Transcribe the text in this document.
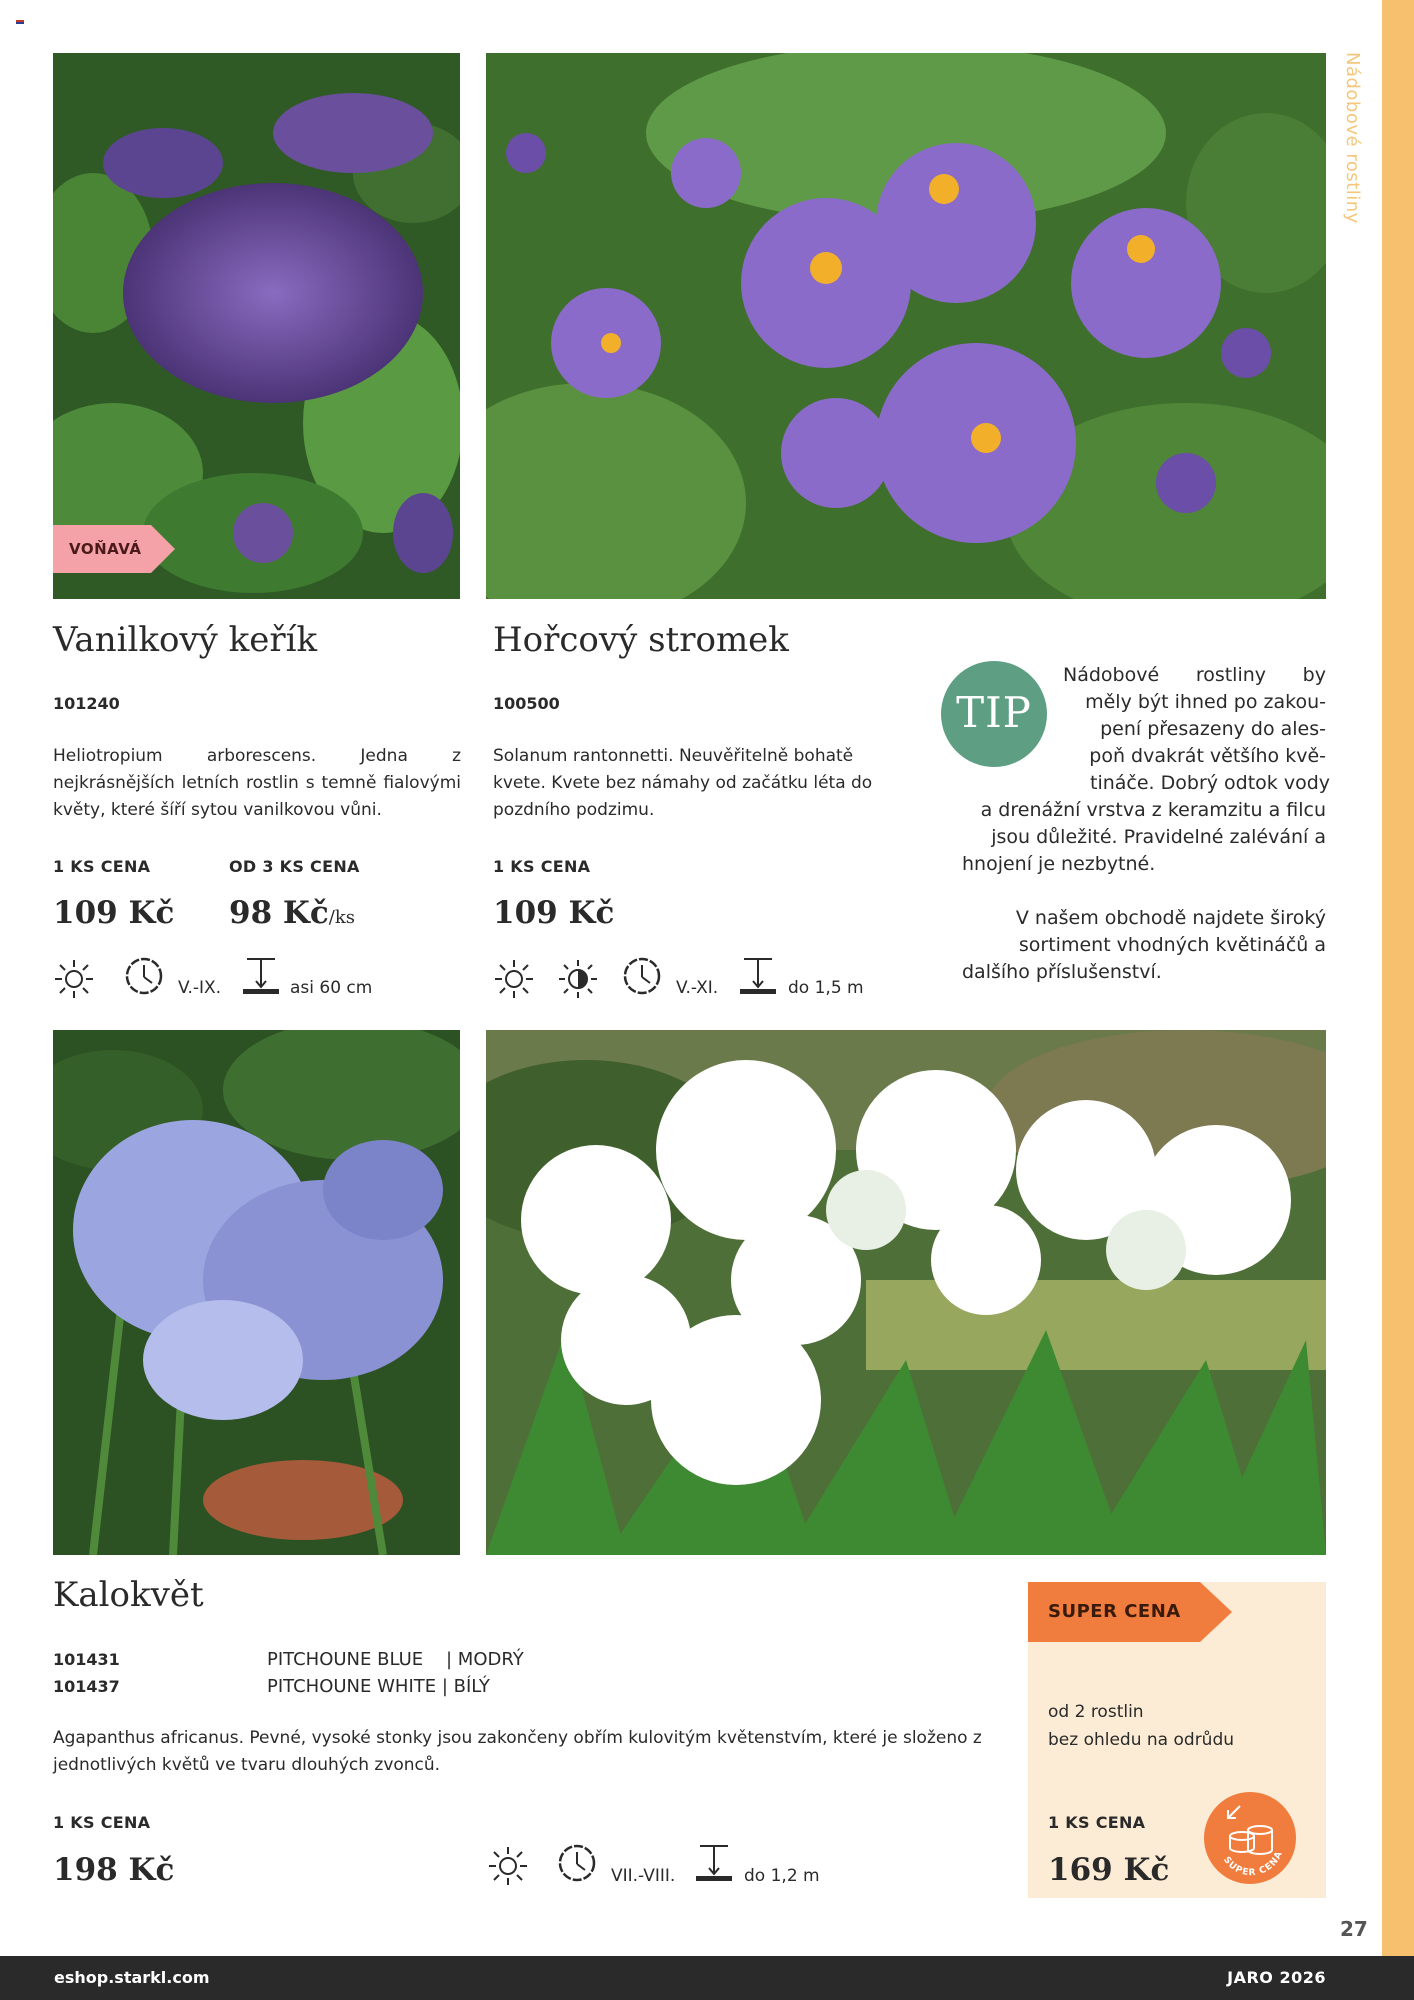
Nádobové rostliny
VOŇAVÁ
Vanilkový keřík
101240
Heliotropium arborescens. Jedna z nejkrásnějších letních rostlin s temně fialovými květy, které šíří sytou vanilkovou vůni.
1 KS CENA
109 Kč
OD 3 KS CENA
98 Kč/ks
V.-IX.	asi 60 cm
Hořcový stromek
100500
Solanum rantonnetti. Neuvěřitelně bohatě kvete. Kvete bez námahy od začátku léta do pozdního podzimu.
1 KS CENA
109 Kč
V.-XI.	do 1,5 m
TIP
Nádobové rostliny by
měly být ihned po zakou-
pení přesazeny do ales-
poň dvakrát většího kvě-
tináče. Dobrý odtok vody
a drenážní vrstva z keramzitu a filcu
jsou důležité. Pravidelné zalévání a
hnojení je nezbytné.
V našem obchodě najdete široký
sortiment vhodných květináčů a
dalšího příslušenství.
Kalokvět
101431	PITCHOUNE BLUE    | MODRÝ
101437	PITCHOUNE WHITE | BÍLÝ
Agapanthus africanus. Pevné, vysoké stonky jsou zakončeny obřím kulovitým květenstvím, které je složeno z jednotlivých květů ve tvaru dlouhých zvonců.
1 KS CENA
198 Kč	VII.-VIII.	do 1,2 m
SUPER CENA
od 2 rostlin
bez ohledu na odrůdu
1 KS CENA
169 Kč	SUPER CENA
27
eshop.starkl.com	JARO 2026
